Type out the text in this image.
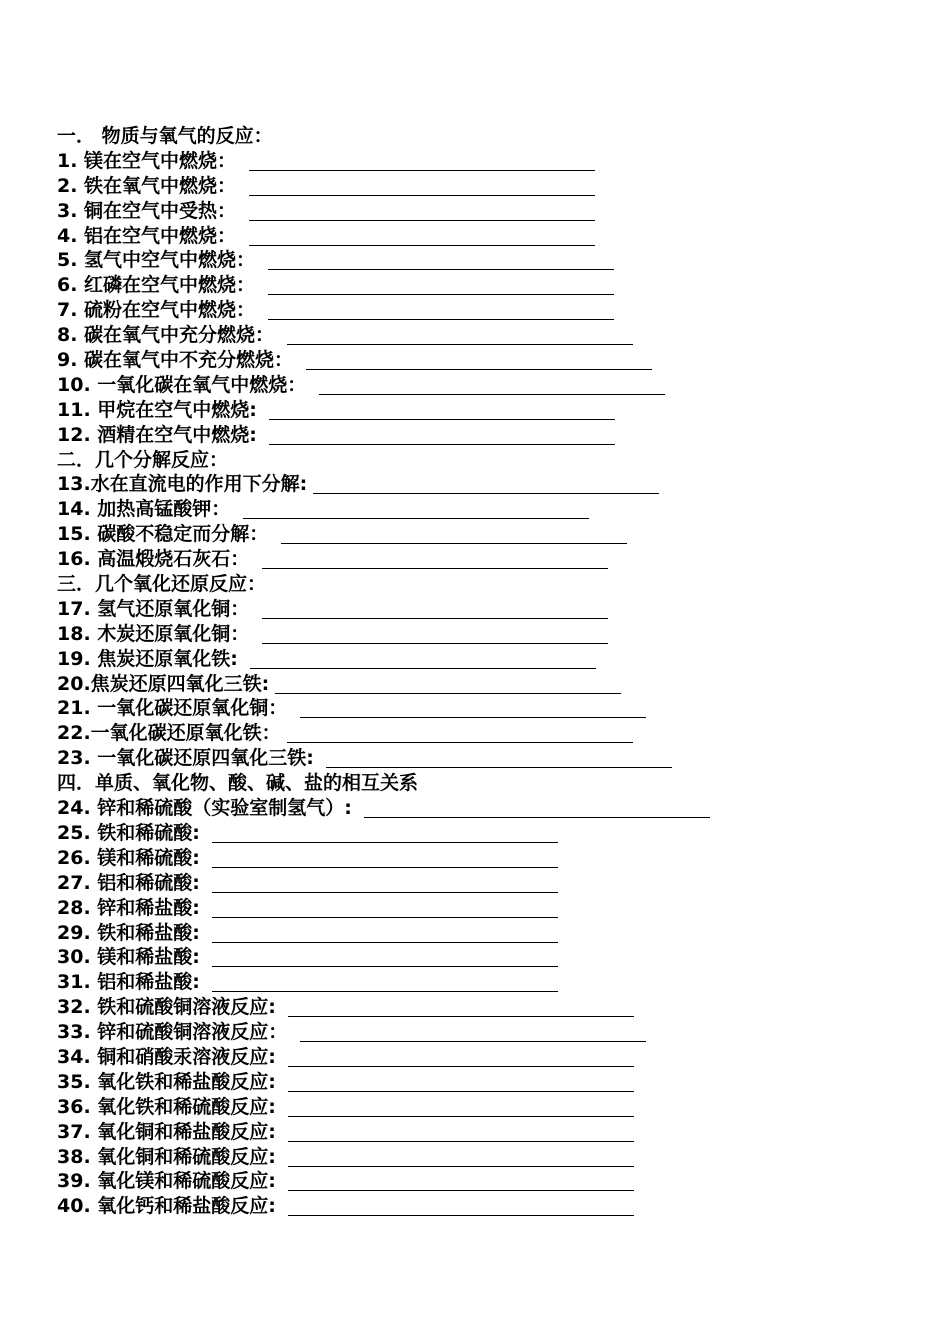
一． 物质与氧气的反应：
1. 镁在空气中燃烧：
2. 铁在氧气中燃烧：
3. 铜在空气中受热：
4. 铝在空气中燃烧：
5. 氢气中空气中燃烧：
6. 红磷在空气中燃烧：
7. 硫粉在空气中燃烧：
8. 碳在氧气中充分燃烧：
9. 碳在氧气中不充分燃烧：
10. 一氧化碳在氧气中燃烧：
11. 甲烷在空气中燃烧:
12. 酒精在空气中燃烧:
二．几个分解反应：
13.水在直流电的作用下分解:
14. 加热高锰酸钾：
15. 碳酸不稳定而分解：
16. 高温煅烧石灰石：
三．几个氧化还原反应：
17. 氢气还原氧化铜：
18. 木炭还原氧化铜：
19. 焦炭还原氧化铁:
20.焦炭还原四氧化三铁:
21. 一氧化碳还原氧化铜：
22.一氧化碳还原氧化铁：
23. 一氧化碳还原四氧化三铁:
四．单质、氧化物、酸、碱、盐的相互关系
24. 锌和稀硫酸（实验室制氢气）:
25. 铁和稀硫酸:
26. 镁和稀硫酸:
27. 铝和稀硫酸:
28. 锌和稀盐酸:
29. 铁和稀盐酸:
30. 镁和稀盐酸:
31. 铝和稀盐酸:
32. 铁和硫酸铜溶液反应:
33. 锌和硫酸铜溶液反应：
34. 铜和硝酸汞溶液反应:
35. 氧化铁和稀盐酸反应:
36. 氧化铁和稀硫酸反应:
37. 氧化铜和稀盐酸反应:
38. 氧化铜和稀硫酸反应:
39. 氧化镁和稀硫酸反应:
40. 氧化钙和稀盐酸反应:
